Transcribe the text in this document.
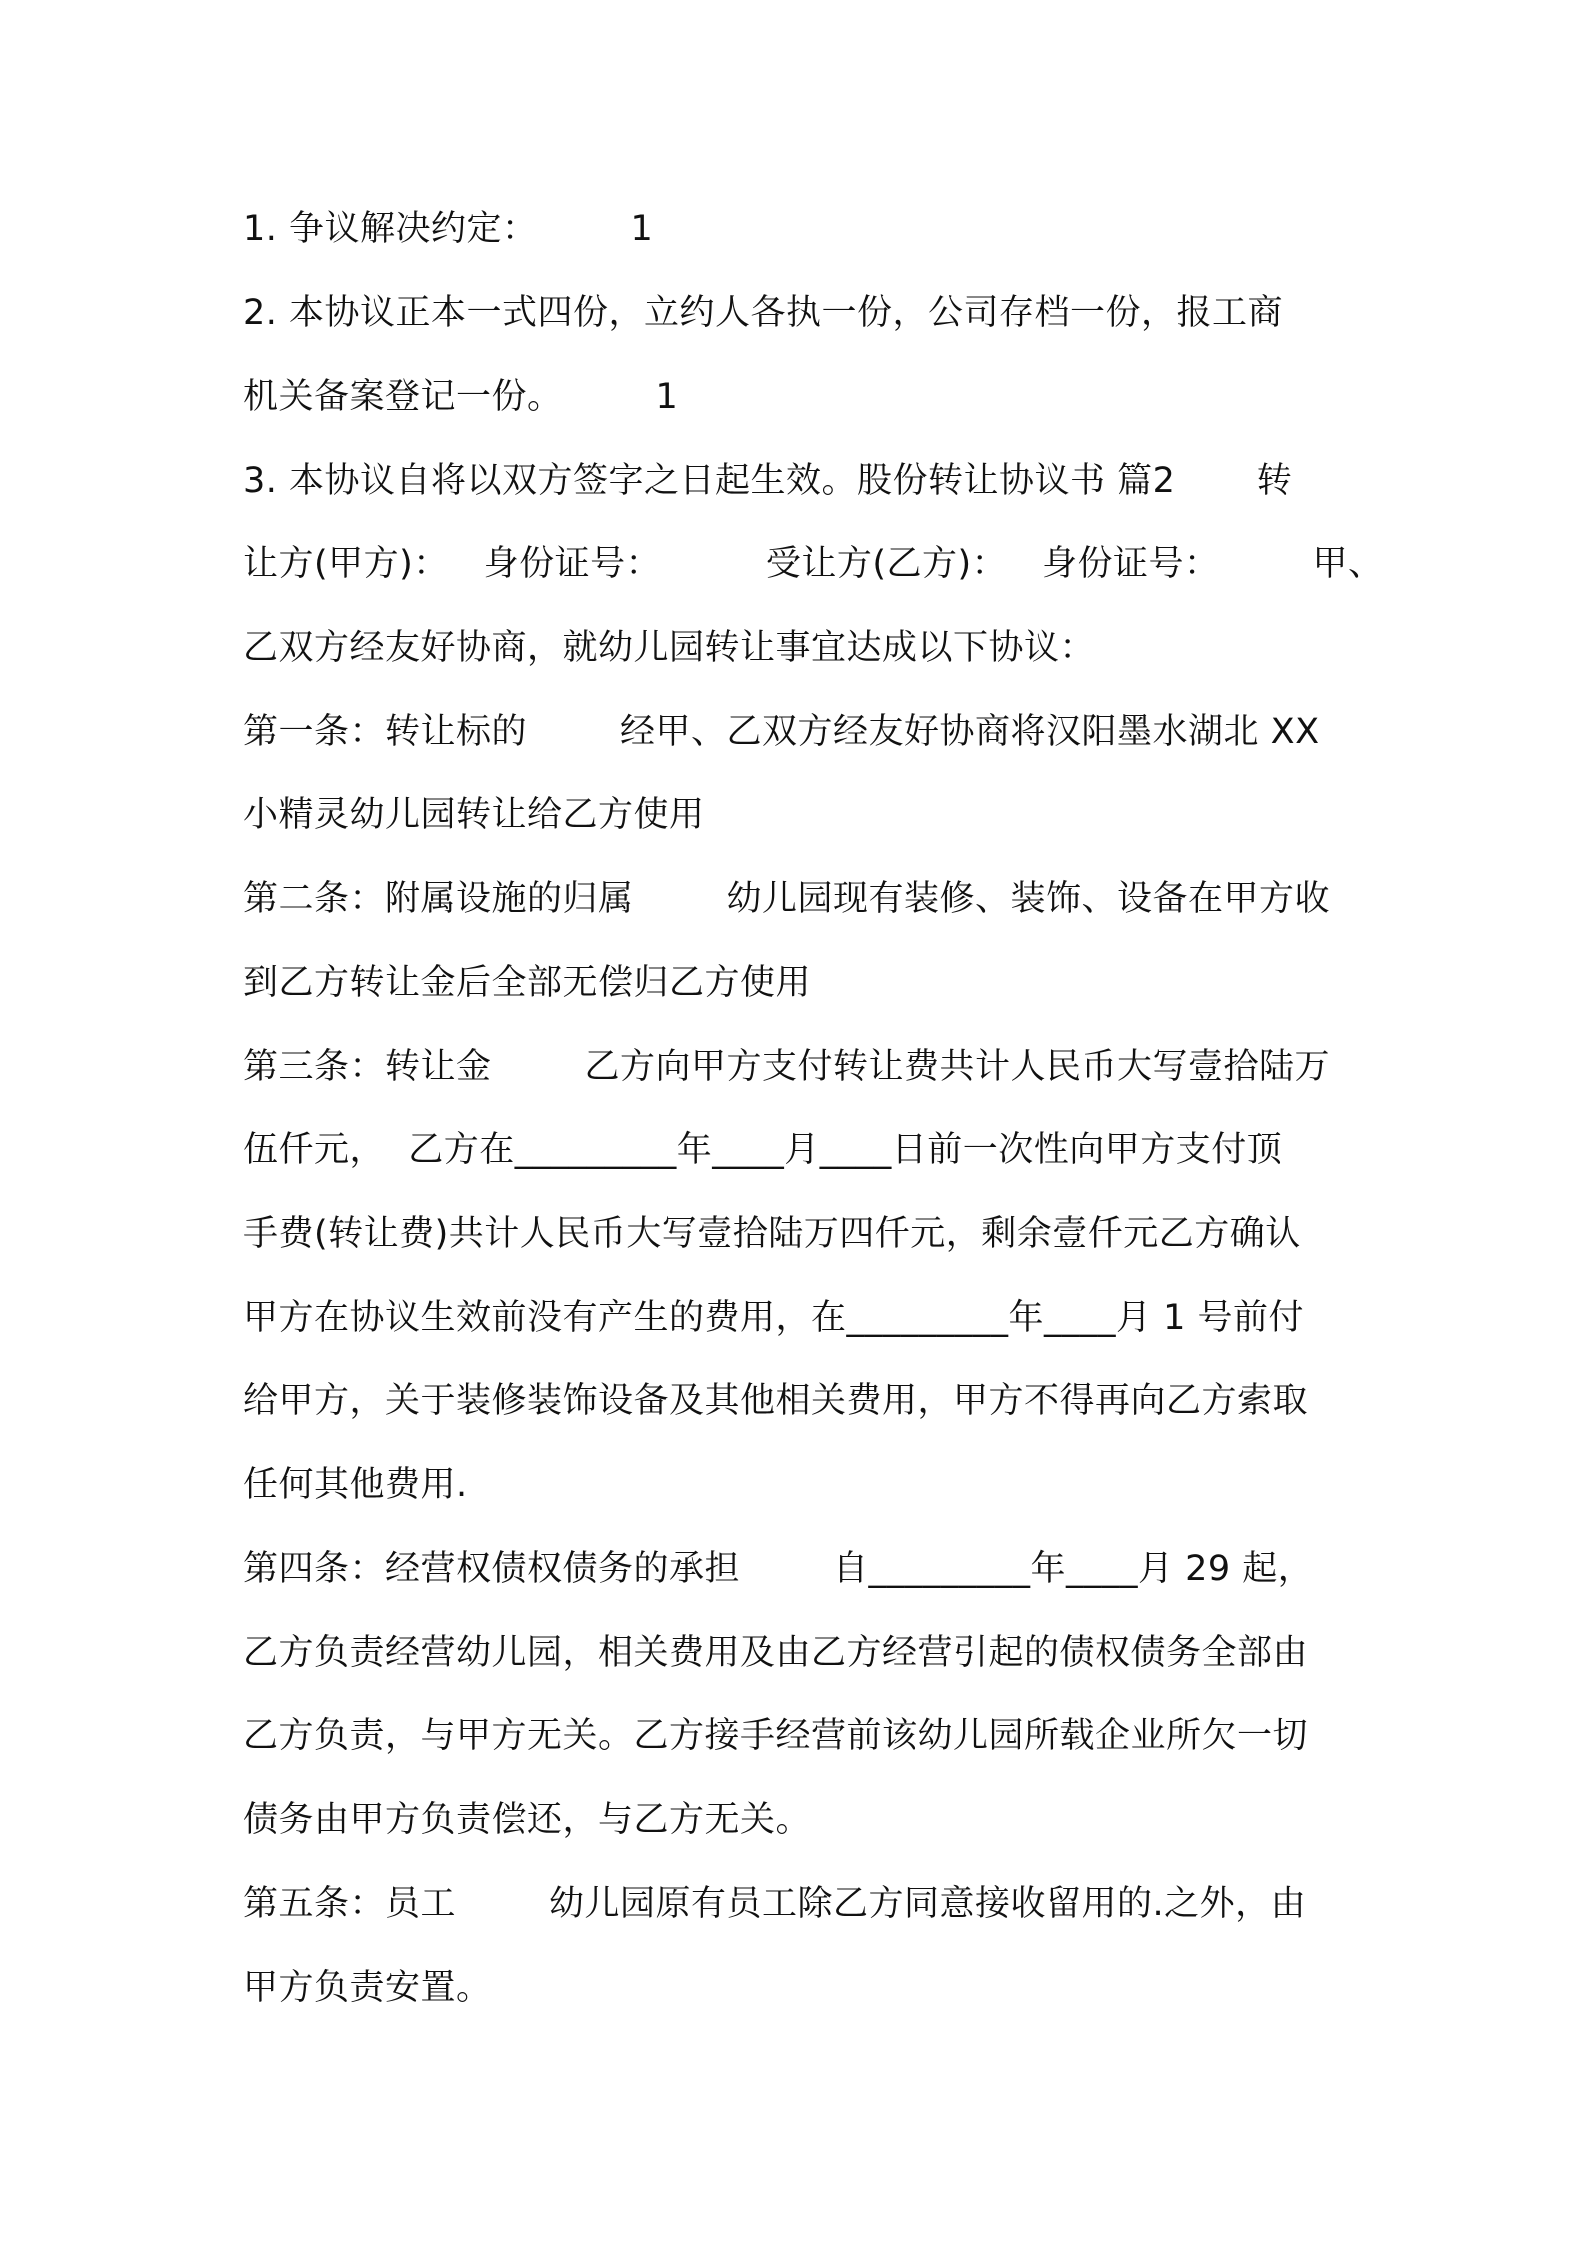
1. 争议解决约定：        1
2. 本协议正本一式四份，立约人各执一份，公司存档一份，报工商
机关备案登记一份。        1
3. 本协议自将以双方签字之日起生效。股份转让协议书 篇2       转
让方(甲方)：   身份证号：         受让方(乙方)：   身份证号：        甲、
乙双方经友好协商，就幼儿园转让事宜达成以下协议：
第一条：转让标的        经甲、乙双方经友好协商将汉阳墨水湖北 XX
小精灵幼儿园转让给乙方使用
第二条：附属设施的归属        幼儿园现有装修、装饰、设备在甲方收
到乙方转让金后全部无偿归乙方使用
第三条：转让金        乙方向甲方支付转让费共计人民币大写壹拾陆万
伍仟元，  乙方在_________年____月____日前一次性向甲方支付顶
手费(转让费)共计人民币大写壹拾陆万四仟元，剩余壹仟元乙方确认
甲方在协议生效前没有产生的费用，在_________年____月 1 号前付
给甲方，关于装修装饰设备及其他相关费用，甲方不得再向乙方索取
任何其他费用.
第四条：经营权债权债务的承担        自_________年____月 29 起，
乙方负责经营幼儿园，相关费用及由乙方经营引起的债权债务全部由
乙方负责，与甲方无关。乙方接手经营前该幼儿园所载企业所欠一切
债务由甲方负责偿还，与乙方无关。
第五条：员工        幼儿园原有员工除乙方同意接收留用的.之外，由
甲方负责安置。
